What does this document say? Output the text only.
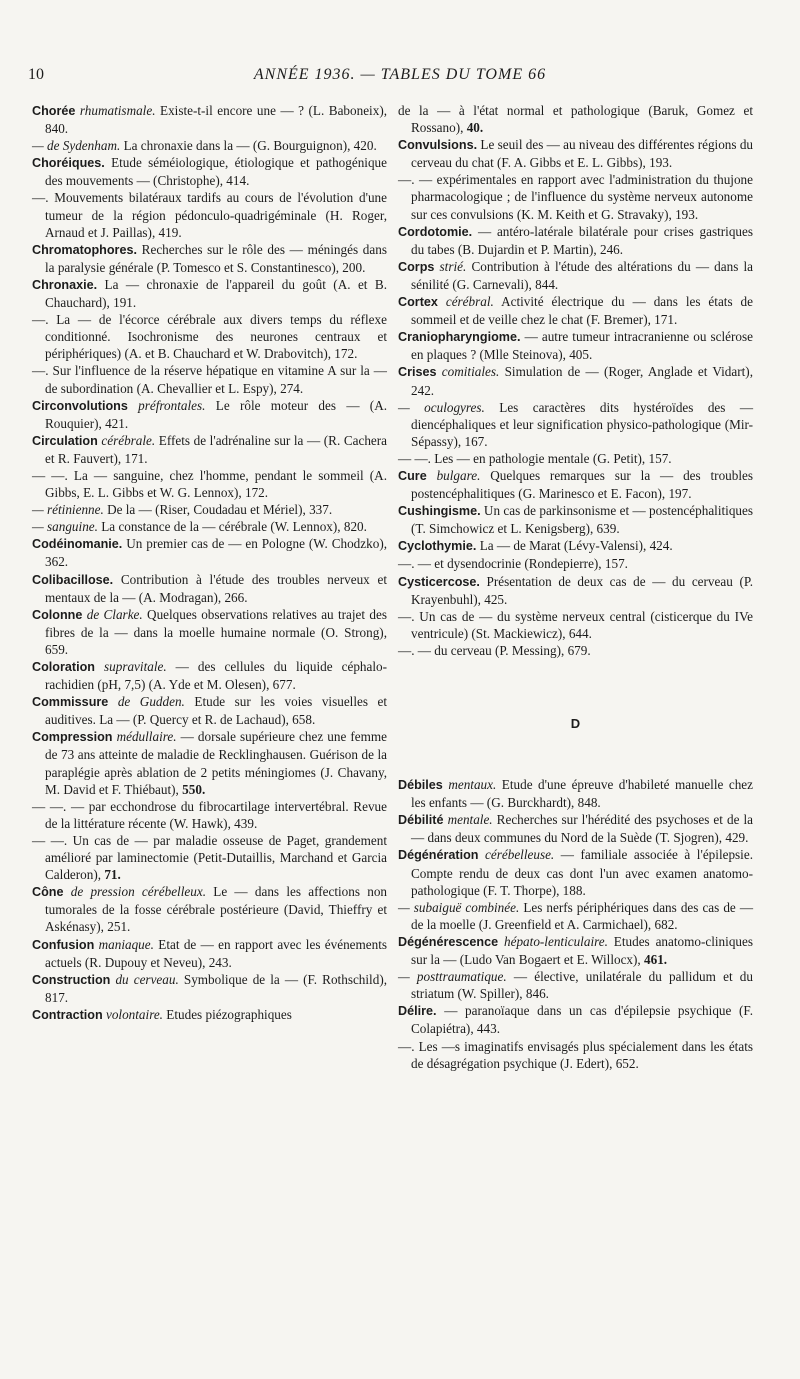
10	ANNÉE 1936. — TABLES DU TOME 66

Chorée rhumatismale. Existe-t-il encore une — ? (L. Baboneix), 840.

— de Sydenham. La chronaxie dans la — (G. Bourguignon), 420.

Choréiques. Etude séméiologique, étiologique et pathogénique des mouvements — (Christophe), 414.

—. Mouvements bilatéraux tardifs au cours de l'évolution d'une tumeur de la région pédonculo-quadrigéminale (H. Roger, Arnaud et J. Paillas), 419.

Chromatophores. Recherches sur le rôle des — méningés dans la paralysie générale (P. Tomesco et S. Constantinesco), 200.

Chronaxie. La — chronaxie de l'appareil du goût (A. et B. Chauchard), 191.

—. La — de l'écorce cérébrale aux divers temps du réflexe conditionné. Isochronisme des neurones centraux et périphériques) (A. et B. Chauchard et W. Drabovitch), 172.

—. Sur l'influence de la réserve hépatique en vitamine A sur la — de subordination (A. Chevallier et L. Espy), 274.

Circonvolutions préfrontales. Le rôle moteur des — (A. Rouquier), 421.

Circulation cérébrale. Effets de l'adrénaline sur la — (R. Cachera et R. Fauvert), 171.

— —. La — sanguine, chez l'homme, pendant le sommeil (A. Gibbs, E. L. Gibbs et W. G. Lennox), 172.

— rétinienne. De la — (Riser, Coudadau et Mériel), 337.

— sanguine. La constance de la — cérébrale (W. Lennox), 820.

Codéinomanie. Un premier cas de — en Pologne (W. Chodzko), 362.

Colibacillose. Contribution à l'étude des troubles nerveux et mentaux de la — (A. Modragan), 266.

Colonne de Clarke. Quelques observations relatives au trajet des fibres de la — dans la moelle humaine normale (O. Strong), 659.

Coloration supravitale. — des cellules du liquide céphalo-rachidien (pH, 7,5) (A. Yde et M. Olesen), 677.

Commissure de Gudden. Etude sur les voies visuelles et auditives. La — (P. Quercy et R. de Lachaud), 658.

Compression médullaire. — dorsale supérieure chez une femme de 73 ans atteinte de maladie de Recklinghausen. Guérison de la paraplégie après ablation de 2 petits méningiomes (J. Chavany, M. David et F. Thiébaut), 550.

— —. — par ecchondrose du fibrocartilage intervertébral. Revue de la littérature récente (W. Hawk), 439.

— —. Un cas de — par maladie osseuse de Paget, grandement amélioré par laminectomie (Petit-Dutaillis, Marchand et Garcia Calderon), 71.

Cône de pression cérébelleux. Le — dans les affections non tumorales de la fosse cérébrale postérieure (David, Thieffry et Askénasy), 251.

Confusion maniaque. Etat de — en rapport avec les événements actuels (R. Dupouy et Neveu), 243.

Construction du cerveau. Symbolique de la — (F. Rothschild), 817.

Contraction volontaire. Etudes piézographiques

de la — à l'état normal et pathologique (Baruk, Gomez et Rossano), 40.

Convulsions. Le seuil des — au niveau des différentes régions du cerveau du chat (F. A. Gibbs et E. L. Gibbs), 193.

—. — expérimentales en rapport avec l'administration du thujone pharmacologique ; de l'influence du système nerveux autonome sur ces convulsions (K. M. Keith et G. Stravaky), 193.

Cordotomie. — antéro-latérale bilatérale pour crises gastriques du tabes (B. Dujardin et P. Martin), 246.

Corps strié. Contribution à l'étude des altérations du — dans la sénilité (G. Carnevali), 844.

Cortex cérébral. Activité électrique du — dans les états de sommeil et de veille chez le chat (F. Bremer), 171.

Craniopharyngiome. — autre tumeur intracranienne ou sclérose en plaques ? (Mlle Steinova), 405.

Crises comitiales. Simulation de — (Roger, Anglade et Vidart), 242.

— oculogyres. Les caractères dits hystéroïdes des — diencéphaliques et leur signification physico-pathologique (Mir-Sépassy), 167.

— —. Les — en pathologie mentale (G. Petit), 157.

Cure bulgare. Quelques remarques sur la — des troubles postencéphalitiques (G. Marinesco et E. Facon), 197.

Cushingisme. Un cas de parkinsonisme et — postencéphalitiques (T. Simchowicz et L. Kenigsberg), 639.

Cyclothymie. La — de Marat (Lévy-Valensi), 424.

—. — et dysendocrinie (Rondepierre), 157.

Cysticercose. Présentation de deux cas de — du cerveau (P. Krayenbuhl), 425.

—. Un cas de — du système nerveux central (cisticerque du IVe ventricule) (St. Mackiewicz), 644.

—. — du cerveau (P. Messing), 679.

D

Débiles mentaux. Etude d'une épreuve d'habileté manuelle chez les enfants — (G. Burckhardt), 848.

Débilité mentale. Recherches sur l'hérédité des psychoses et de la — dans deux communes du Nord de la Suède (T. Sjogren), 429.

Dégénération cérébelleuse. — familiale associée à l'épilepsie. Compte rendu de deux cas dont l'un avec examen anatomo-pathologique (F. T. Thorpe), 188.

— subaiguë combinée. Les nerfs périphériques dans des cas de — de la moelle (J. Greenfield et A. Carmichael), 682.

Dégénérescence hépato-lenticulaire. Etudes anatomo-cliniques sur la — (Ludo Van Bogaert et E. Willocx), 461.

— posttraumatique. — élective, unilatérale du pallidum et du striatum (W. Spiller), 846.

Délire. — paranoïaque dans un cas d'épilepsie psychique (F. Colapiétra), 443.

—. Les —s imaginatifs envisagés plus spécialement dans les états de désagrégation psychique (J. Edert), 652.
